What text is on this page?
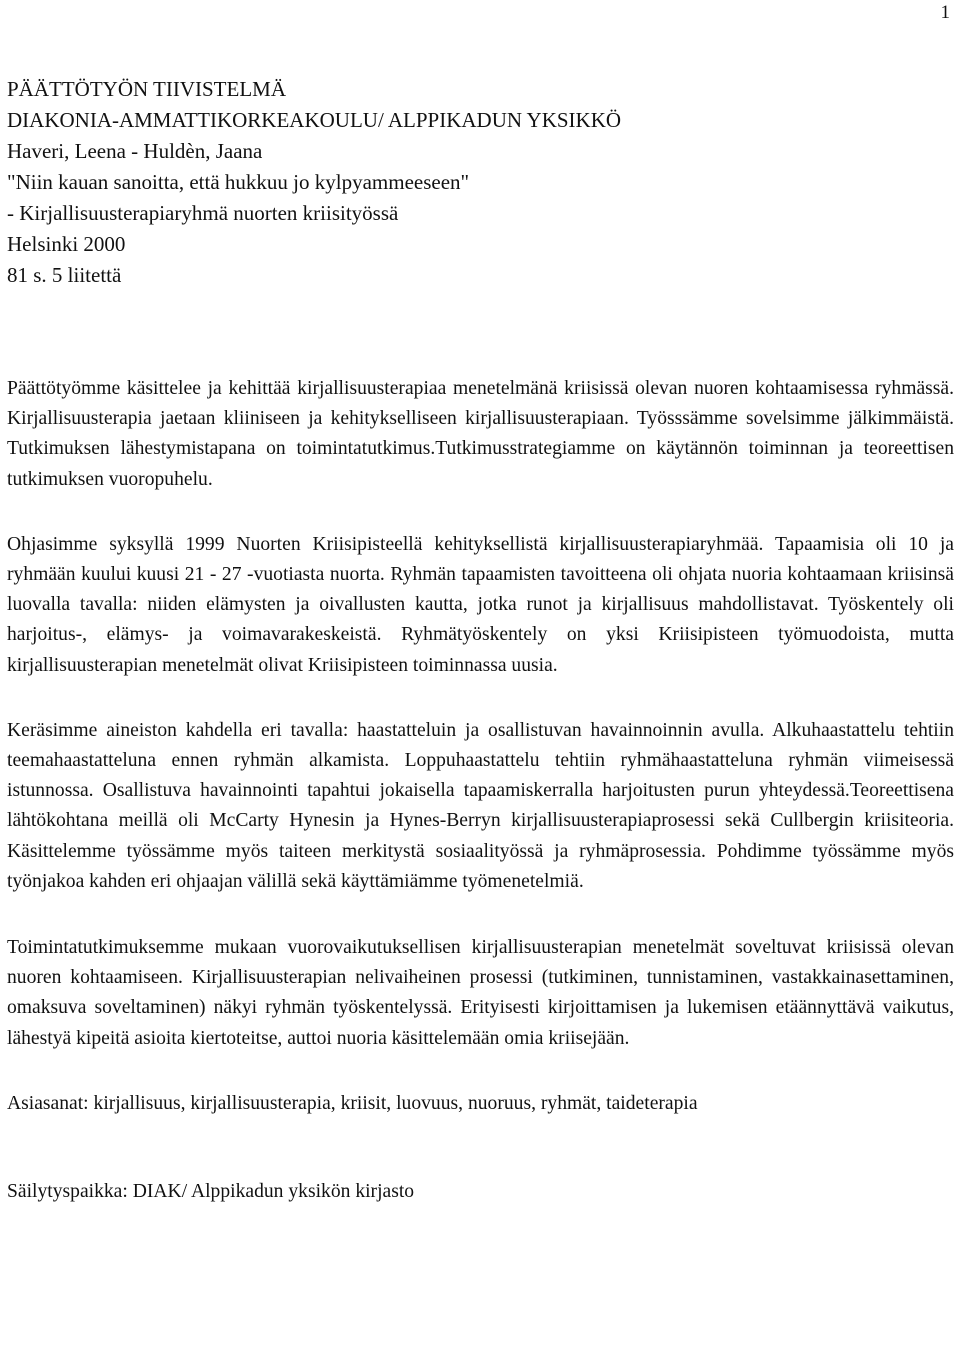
1
PÄÄTTÖTYÖN TIIVISTELMÄ
DIAKONIA-AMMATTIKORKEAKOULU/ ALPPIKADUN YKSIKKÖ
Haveri, Leena - Huldèn, Jaana
"Niin kauan sanoitta, että hukkuu jo kylpyammeeseen"
- Kirjallisuusterapiaryhmä nuorten kriisityössä
Helsinki 2000
81 s. 5 liitettä

Päättötyömme käsittelee ja kehittää kirjallisuusterapiaa menetelmänä kriisissä olevan nuoren kohtaamisessa ryhmässä. Kirjallisuusterapia jaetaan kliiniseen ja kehitykselliseen kirjallisuusterapiaan. Työsssämme sovelsimme jälkimmäistä. Tutkimuksen lähestymistapana on toimintatutkimus.Tutkimusstrategiamme on käytännön toiminnan ja teoreettisen tutkimuksen vuoropuhelu.

Ohjasimme syksyllä 1999 Nuorten Kriisipisteellä kehityksellistä kirjallisuusterapiaryhmää. Tapaamisia oli 10 ja ryhmään kuului kuusi 21 - 27 -vuotiasta nuorta. Ryhmän tapaamisten tavoitteena oli ohjata nuoria kohtaamaan kriisinsä luovalla tavalla: niiden elämysten ja oivallusten kautta, jotka runot ja kirjallisuus mahdollistavat. Työskentely oli harjoitus-, elämys- ja voimavarakeskeistä. Ryhmätyöskentely on yksi Kriisipisteen työmuodoista, mutta kirjallisuusterapian menetelmät olivat Kriisipisteen toiminnassa uusia.

Keräsimme aineiston kahdella eri tavalla: haastatteluin ja osallistuvan havainnoinnin avulla. Alkuhaastattelu tehtiin teemahaastatteluna ennen ryhmän alkamista. Loppuhaastattelu tehtiin ryhmähaastatteluna ryhmän viimeisessä istunnossa. Osallistuva havainnointi tapahtui jokaisella tapaamiskerralla harjoitusten purun yhteydessä.Teoreettisena lähtökohtana meillä oli McCarty Hynesin ja Hynes-Berryn kirjallisuusterapiaprosessi sekä Cullbergin kriisiteoria. Käsittelemme työssämme myös taiteen merkitystä sosiaalityössä ja ryhmäprosessia. Pohdimme työssämme myös työnjakoa kahden eri ohjaajan välillä sekä käyttämiämme työmenetelmiä.

Toimintatutkimuksemme mukaan vuorovaikutuksellisen kirjallisuusterapian menetelmät soveltuvat kriisissä olevan nuoren kohtaamiseen. Kirjallisuusterapian nelivaiheinen prosessi (tutkiminen, tunnistaminen, vastakkainasettaminen, omaksuva soveltaminen) näkyi ryhmän työskentelyssä. Erityisesti kirjoittamisen ja lukemisen etäännyttävä vaikutus, lähestyä kipeitä asioita kiertoteitse, auttoi nuoria käsittelemään omia kriisejään.

Asiasanat: kirjallisuus, kirjallisuusterapia, kriisit, luovuus, nuoruus, ryhmät, taideterapia

Säilytyspaikka: DIAK/ Alppikadun yksikön kirjasto
